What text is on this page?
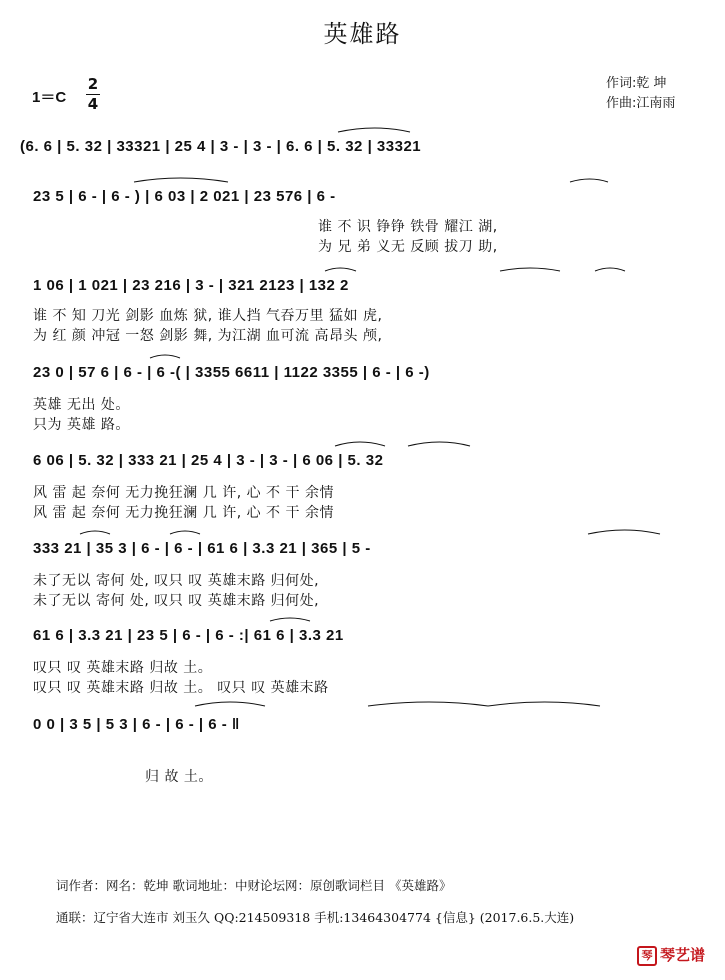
英雄路
1＝C
2
4
作词:乾 坤
作曲:江南雨
(6. 6 | 5. 32 | 33321 | 25 4 | 3 - | 3 - | 6. 6 | 5. 32 | 33321
23 5 | 6 - | 6 - ) | 6 03 | 2 021 | 23 576 | 6 -
谁 不 识 铮铮 铁骨 耀江 湖,
为 兄 弟 义无 反顾 拔刀 助,
1 06 | 1 021 | 23 216 | 3 - | 321 2123 | 132 2
谁 不 知 刀光 剑影 血炼 狱, 谁人挡 气吞万里 猛如 虎,
为 红 颜 冲冠 一怒 剑影 舞, 为江湖 血可流 高昂头 颅,
23 0 | 57 6 | 6 - | 6 -( | 3355 6611 | 1122 3355 | 6 - | 6 -)
英雄 无出 处。
只为 英雄 路。
6 06 | 5. 32 | 333 21 | 25 4 | 3 - | 3 - | 6 06 | 5. 32
风 雷 起 奈何 无力挽狂澜 几 许, 心 不 干 余情
风 雷 起 奈何 无力挽狂澜 几 许, 心 不 干 余情
333 21 | 35 3 | 6 - | 6 - | 61 6 | 3.3 21 | 365 | 5 -
未了无以 寄何 处, 叹只 叹 英雄末路 归何处,
未了无以 寄何 处, 叹只 叹 英雄末路 归何处,
61 6 | 3.3 21 | 23 5 | 6 - | 6 - :| 61 6 | 3.3 21
叹只 叹 英雄末路 归故 土。
叹只 叹 英雄末路 归故 土。 叹只 叹 英雄末路
0 0 | 3 5 | 5 3 | 6 - | 6 - | 6 - ‖
归 故 土。
词作者：网名：乾坤 歌词地址：中财论坛网：原创歌词栏目 《英雄路》
通联：辽宁省大连市 刘玉久 QQ:214509318 手机:13464304774 {信息} (2017.6.5.大连)
琴 琴艺谱
